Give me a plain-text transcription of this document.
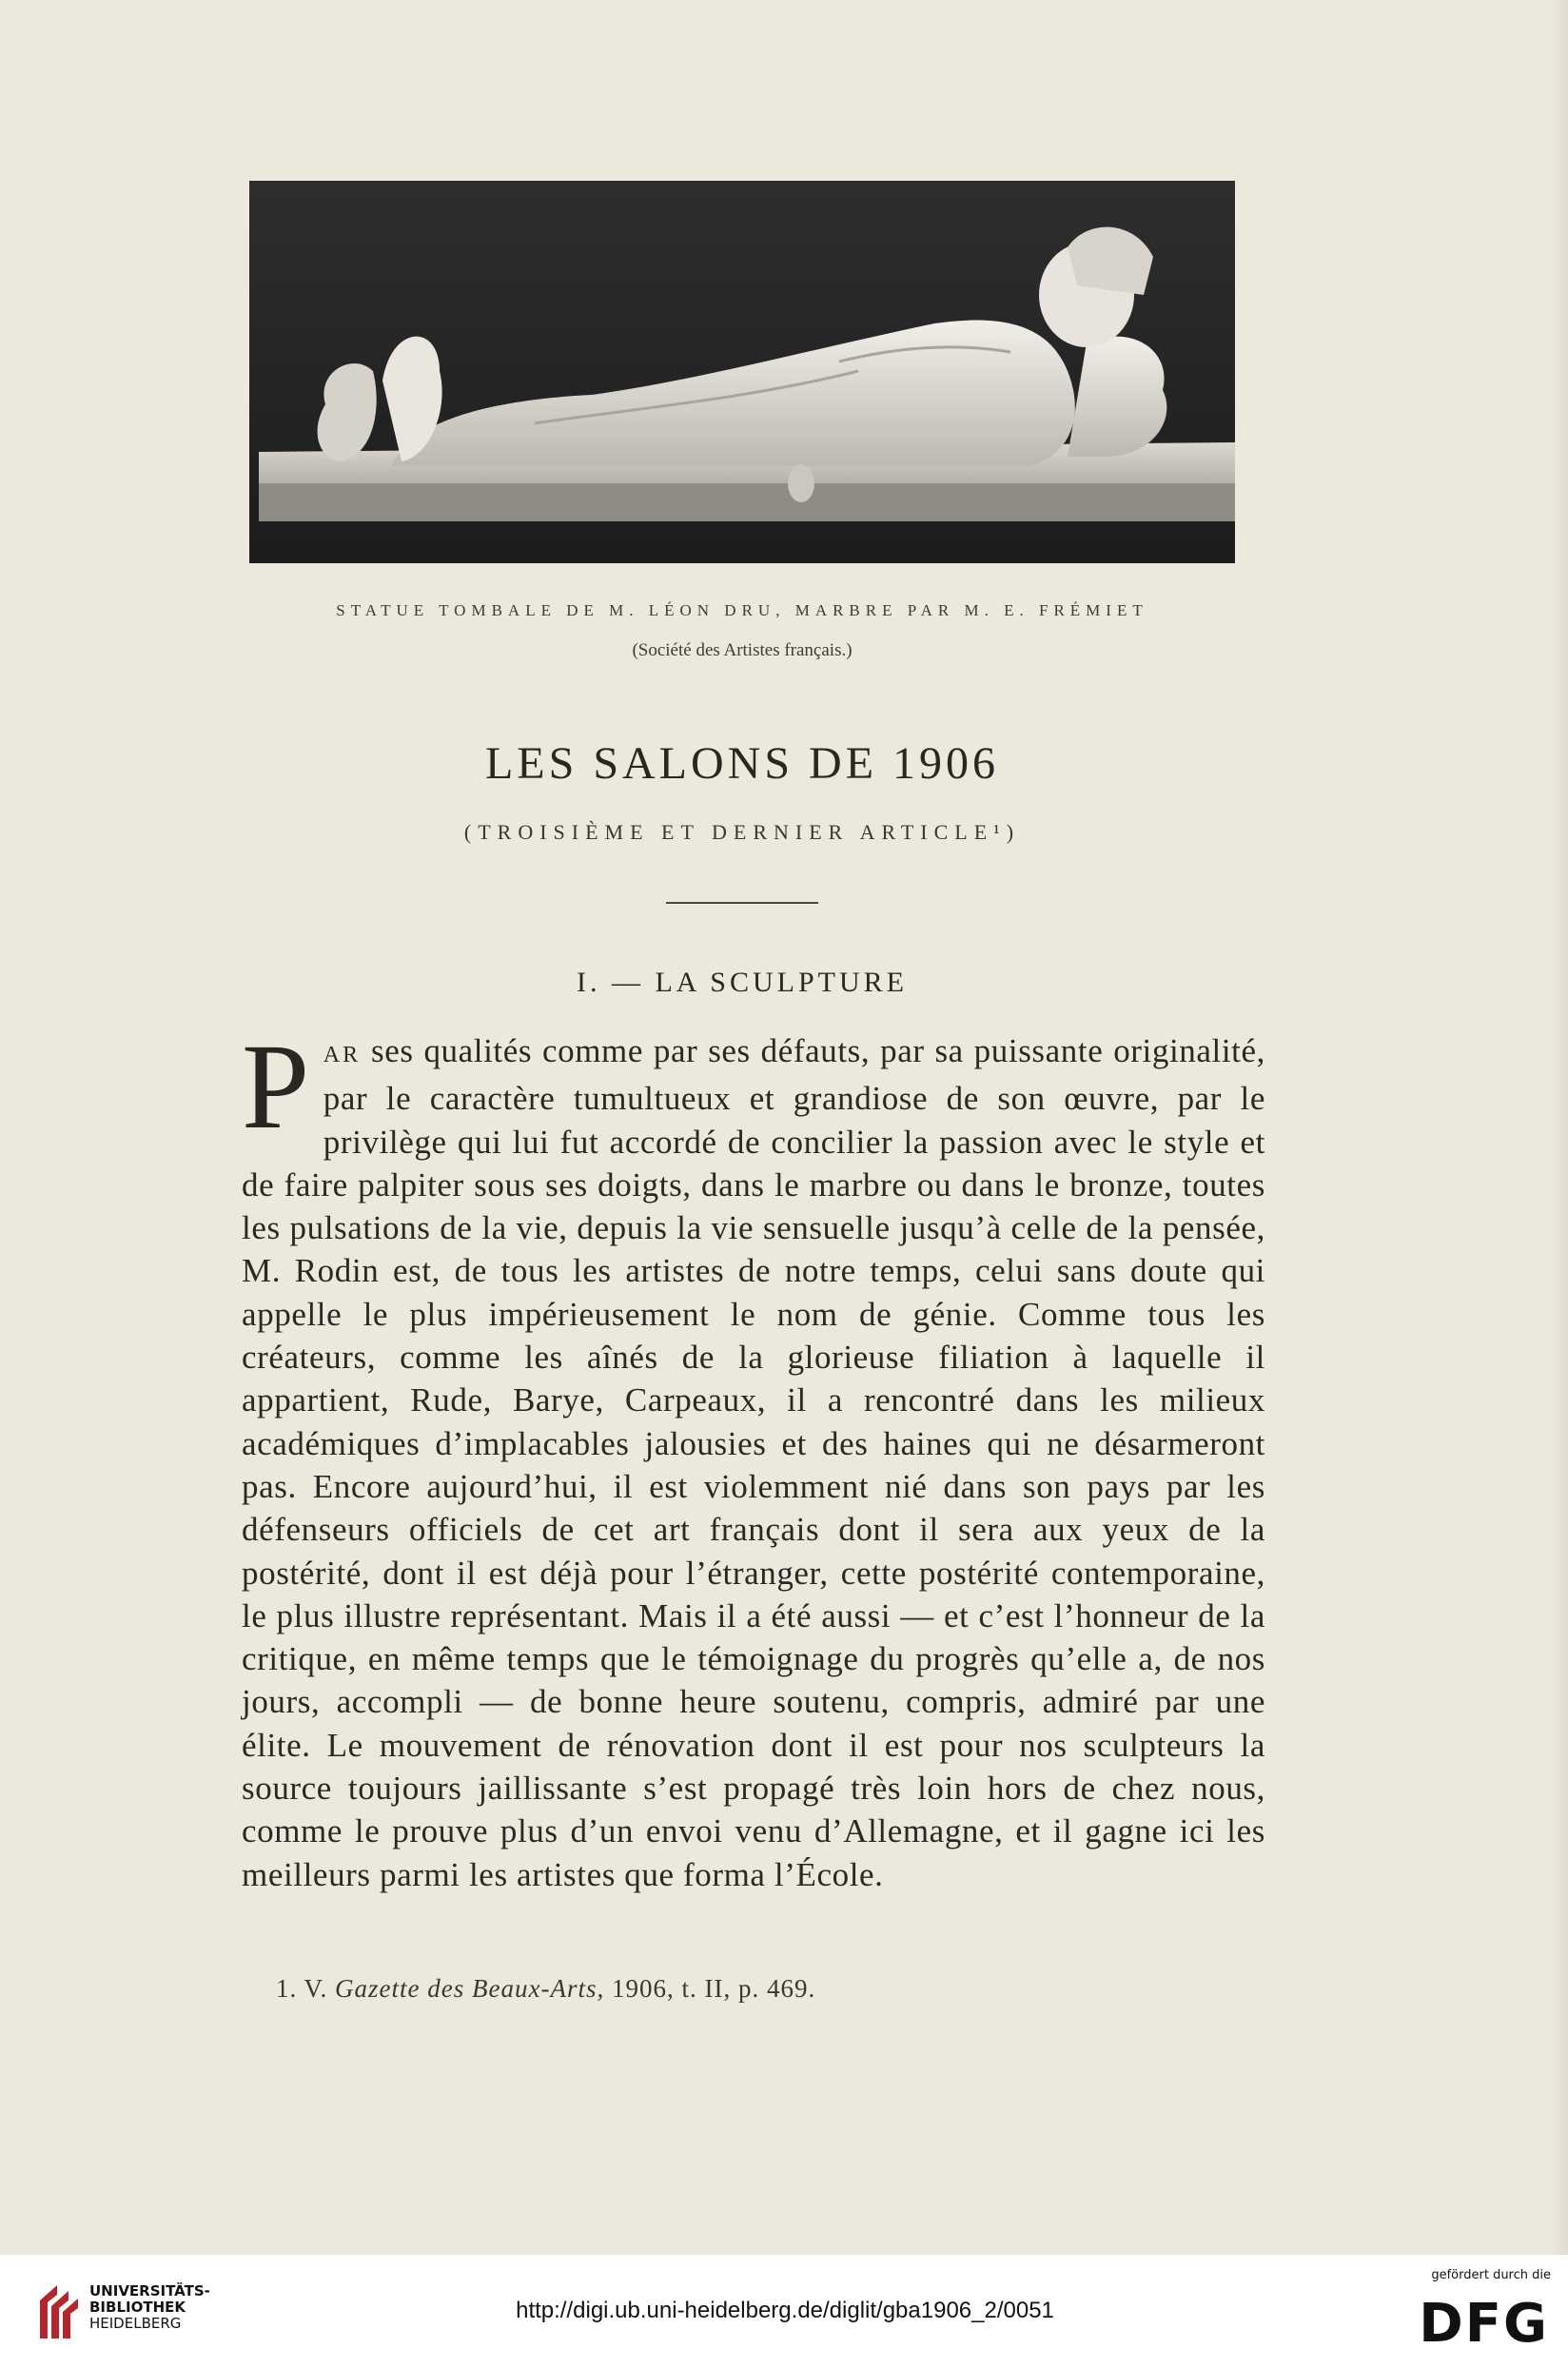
STATUE TOMBALE DE M. LÉON DRU, MARBRE PAR M. E. FRÉMIET
(Société des Artistes français.)
LES SALONS DE 1906
(TROISIÈME ET DERNIER ARTICLE¹)
I. — LA SCULPTURE
PAR ses qualités comme par ses défauts, par sa puissante originalité, par le caractère tumultueux et grandiose de son œuvre, par le privilège qui lui fut accordé de concilier la passion avec le style et de faire palpiter sous ses doigts, dans le marbre ou dans le bronze, toutes les pulsations de la vie, depuis la vie sensuelle jusqu’à celle de la pensée, M. Rodin est, de tous les artistes de notre temps, celui sans doute qui appelle le plus impérieusement le nom de génie. Comme tous les créateurs, comme les aînés de la glorieuse filiation à laquelle il appartient, Rude, Barye, Carpeaux, il a rencontré dans les milieux académiques d’implacables jalousies et des haines qui ne désarmeront pas. Encore aujourd’hui, il est violemment nié dans son pays par les défenseurs officiels de cet art français dont il sera aux yeux de la postérité, dont il est déjà pour l’étranger, cette postérité contemporaine, le plus illustre représentant. Mais il a été aussi — et c’est l’honneur de la critique, en même temps que le témoignage du progrès qu’elle a, de nos jours, accompli — de bonne heure soutenu, compris, admiré par une élite. Le mouvement de rénovation dont il est pour nos sculpteurs la source toujours jaillissante s’est propagé très loin hors de chez nous, comme le prouve plus d’un envoi venu d’Allemagne, et il gagne ici les meilleurs parmi les artistes que forma l’École.
1. V. Gazette des Beaux-Arts, 1906, t. II, p. 469.
UNIVERSITÄTS-
BIBLIOTHEK
HEIDELBERG	http://digi.ub.uni-heidelberg.de/diglit/gba1906_2/0051
gefördert durch die
DFG
